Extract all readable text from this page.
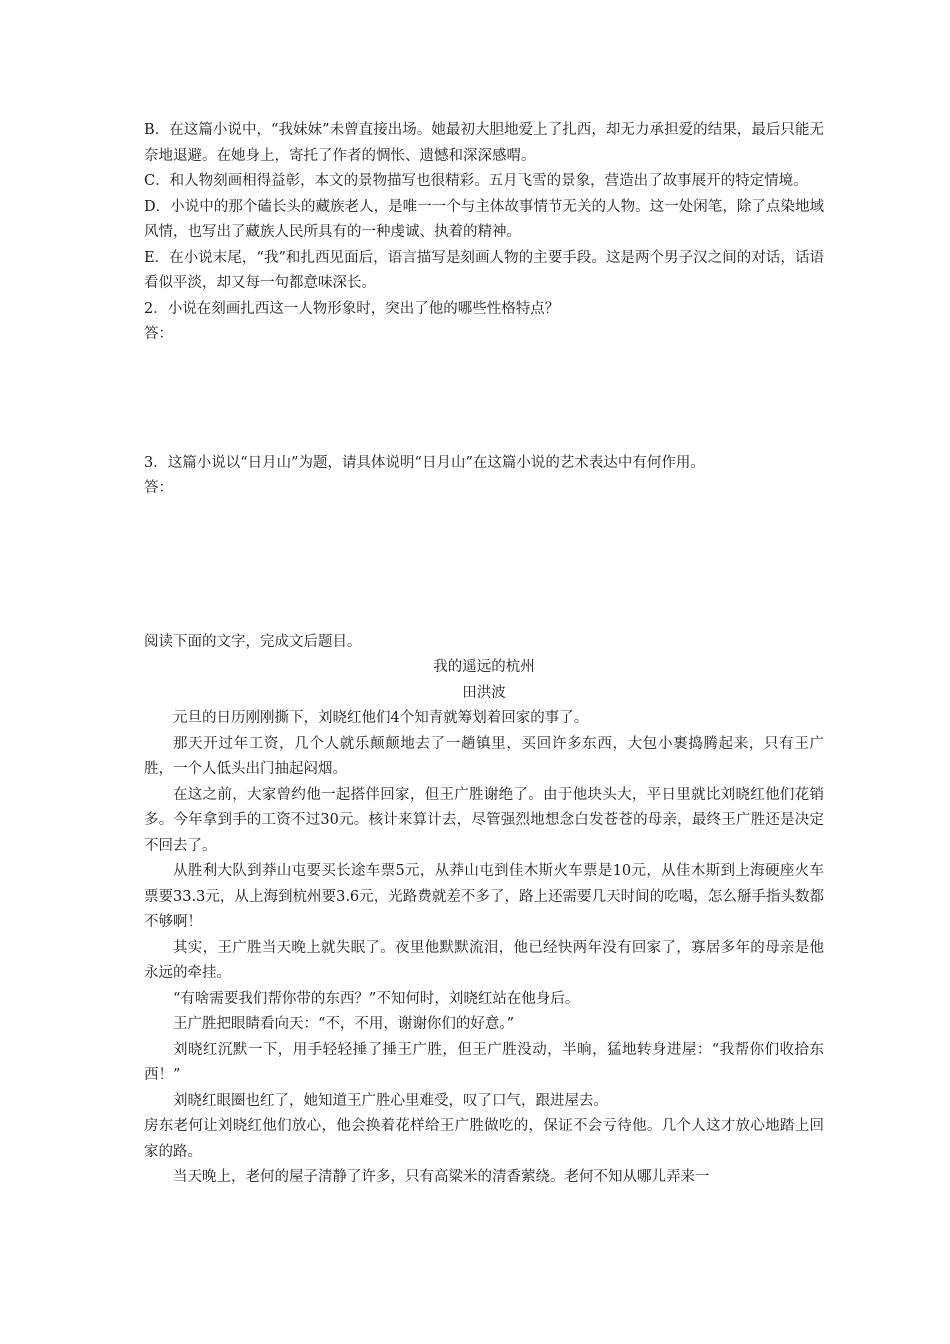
B．在这篇小说中，“我妹妹”未曾直接出场。她最初大胆地爱上了扎西，却无力承担爱的结果，最后只能无奈地退避。在她身上，寄托了作者的惆怅、遗憾和深深感喟。

C．和人物刻画相得益彰，本文的景物描写也很精彩。五月飞雪的景象，营造出了故事展开的特定情境。

D．小说中的那个磕长头的藏族老人，是唯一一个与主体故事情节无关的人物。这一处闲笔，除了点染地域风情，也写出了藏族人民所具有的一种虔诚、执着的精神。

E．在小说末尾，“我”和扎西见面后，语言描写是刻画人物的主要手段。这是两个男子汉之间的对话，话语看似平淡，却又每一句都意味深长。

2．小说在刻画扎西这一人物形象时，突出了他的哪些性格特点？

答：

3．这篇小说以“日月山”为题，请具体说明“日月山”在这篇小说的艺术表达中有何作用。

答：

阅读下面的文字，完成文后题目。

我的遥远的杭州

田洪波

元旦的日历刚刚撕下，刘晓红他们4个知青就筹划着回家的事了。

那天开过年工资，几个人就乐颠颠地去了一趟镇里，买回许多东西，大包小裹捣腾起来，只有王广胜，一个人低头出门抽起闷烟。

在这之前，大家曾约他一起搭伴回家，但王广胜谢绝了。由于他块头大，平日里就比刘晓红他们花销多。今年拿到手的工资不过30元。核计来算计去，尽管强烈地想念白发苍苍的母亲，最终王广胜还是决定不回去了。

从胜利大队到莽山屯要买长途车票5元，从莽山屯到佳木斯火车票是10元，从佳木斯到上海硬座火车票要33.3元，从上海到杭州要3.6元，光路费就差不多了，路上还需要几天时间的吃喝，怎么掰手指头数都不够啊！

其实，王广胜当天晚上就失眠了。夜里他默默流泪，他已经快两年没有回家了，寡居多年的母亲是他永远的牵挂。

“有啥需要我们帮你带的东西？”不知何时，刘晓红站在他身后。

王广胜把眼睛看向天：“不，不用，谢谢你们的好意。”

刘晓红沉默一下，用手轻轻捶了捶王广胜，但王广胜没动，半晌，猛地转身进屋：“我帮你们收拾东西！”

刘晓红眼圈也红了，她知道王广胜心里难受，叹了口气，跟进屋去。

房东老何让刘晓红他们放心，他会换着花样给王广胜做吃的，保证不会亏待他。几个人这才放心地踏上回家的路。

当天晚上，老何的屋子清静了许多，只有高粱米的清香萦绕。老何不知从哪儿弄来一
